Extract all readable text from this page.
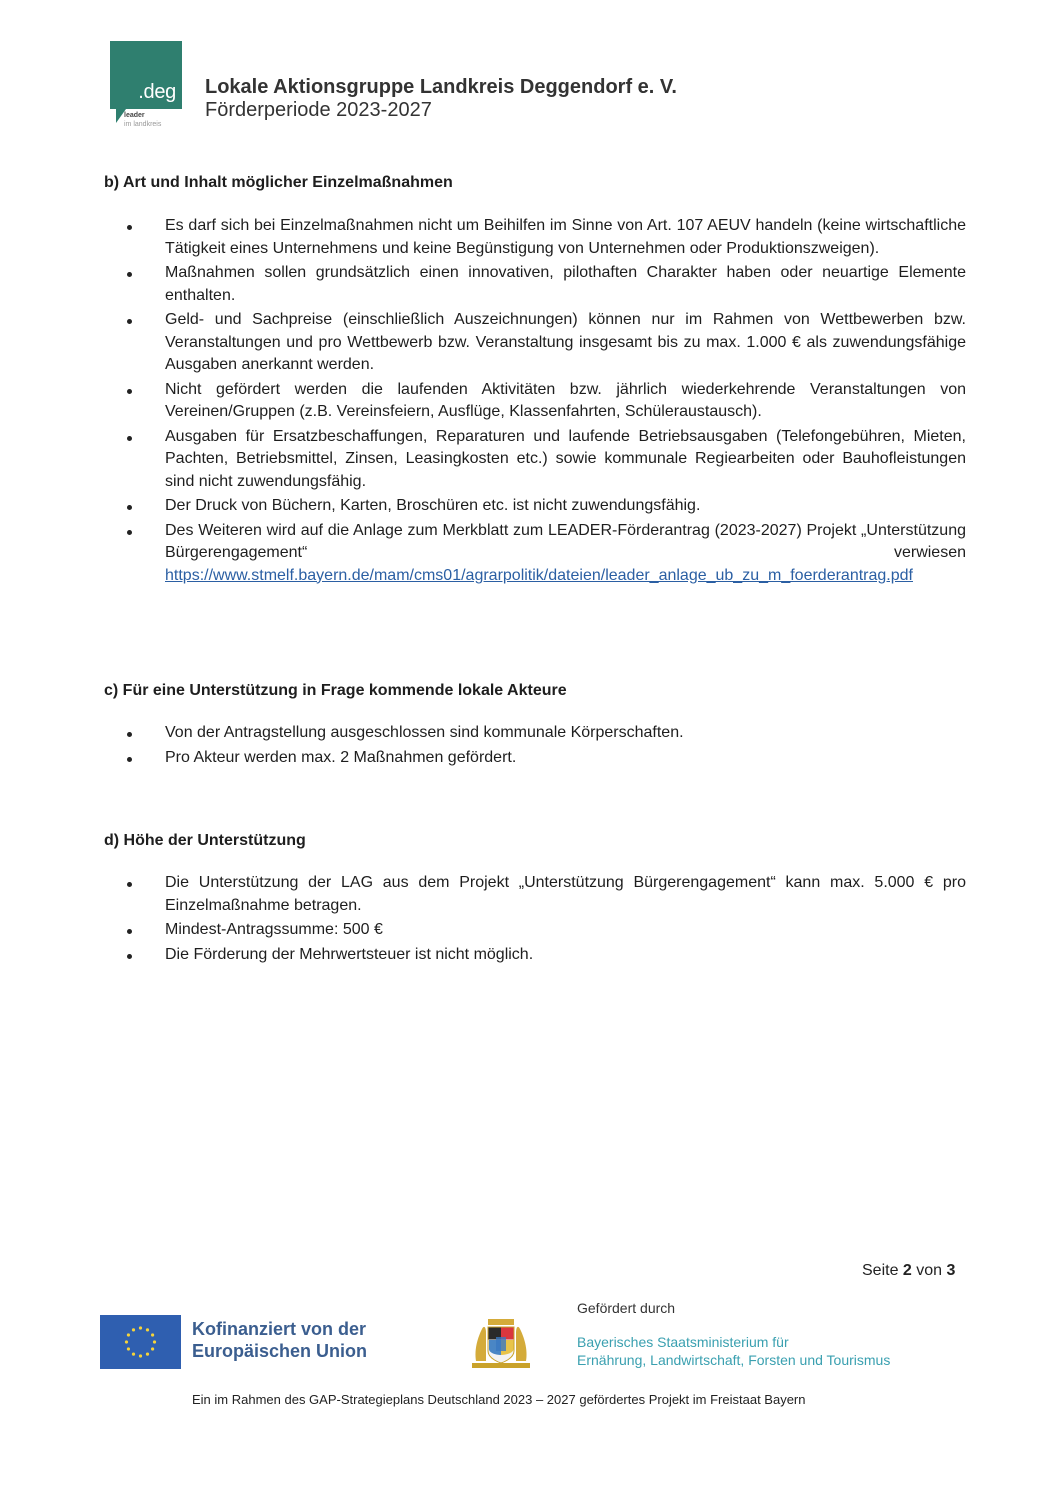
.deg
leader
im landkreis
Lokale Aktionsgruppe Landkreis Deggendorf e. V.
Förderperiode 2023-2027
b) Art und Inhalt möglicher Einzelmaßnahmen
Es darf sich bei Einzelmaßnahmen nicht um Beihilfen im Sinne von Art. 107 AEUV handeln (keine wirtschaftliche Tätigkeit eines Unternehmens und keine Begünstigung von Unternehmen oder Produktionszweigen).
Maßnahmen sollen grundsätzlich einen innovativen, pilothaften Charakter haben oder neuartige Elemente enthalten.
Geld- und Sachpreise (einschließlich Auszeichnungen) können nur im Rahmen von Wettbewerben bzw. Veranstaltungen und pro Wettbewerb bzw. Veranstaltung insgesamt bis zu max. 1.000 € als zuwendungsfähige Ausgaben anerkannt werden.
Nicht gefördert werden die laufenden Aktivitäten bzw. jährlich wiederkehrende Veranstaltungen von Vereinen/Gruppen (z.B. Vereinsfeiern, Ausflüge, Klassenfahrten, Schüleraustausch).
Ausgaben für Ersatzbeschaffungen, Reparaturen und laufende Betriebsausgaben (Telefongebühren, Mieten, Pachten, Betriebsmittel, Zinsen, Leasingkosten etc.) sowie kommunale Regiearbeiten oder Bauhofleistungen sind nicht zuwendungsfähig.
Der Druck von Büchern, Karten, Broschüren etc. ist nicht zuwendungsfähig.
Des Weiteren wird auf die Anlage zum Merkblatt zum LEADER-Förderantrag (2023-2027) Projekt „Unterstützung Bürgerengagement“ verwiesen https://www.stmelf.bayern.de/mam/cms01/agrarpolitik/dateien/leader_anlage_ub_zu_m_foerderantrag.pdf
c) Für eine Unterstützung in Frage kommende lokale Akteure
Von der Antragstellung ausgeschlossen sind kommunale Körperschaften.
Pro Akteur werden max. 2 Maßnahmen gefördert.
d) Höhe der Unterstützung
Die Unterstützung der LAG aus dem Projekt „Unterstützung Bürgerengagement“ kann max. 5.000 € pro Einzelmaßnahme betragen.
Mindest-Antragssumme: 500 €
Die Förderung der Mehrwertsteuer ist nicht möglich.
Seite 2 von 3
Kofinanziert von der
Europäischen Union
Gefördert durch
Bayerisches Staatsministerium für
Ernährung, Landwirtschaft, Forsten und Tourismus
Ein im Rahmen des GAP-Strategieplans Deutschland 2023 – 2027 gefördertes Projekt im Freistaat Bayern
